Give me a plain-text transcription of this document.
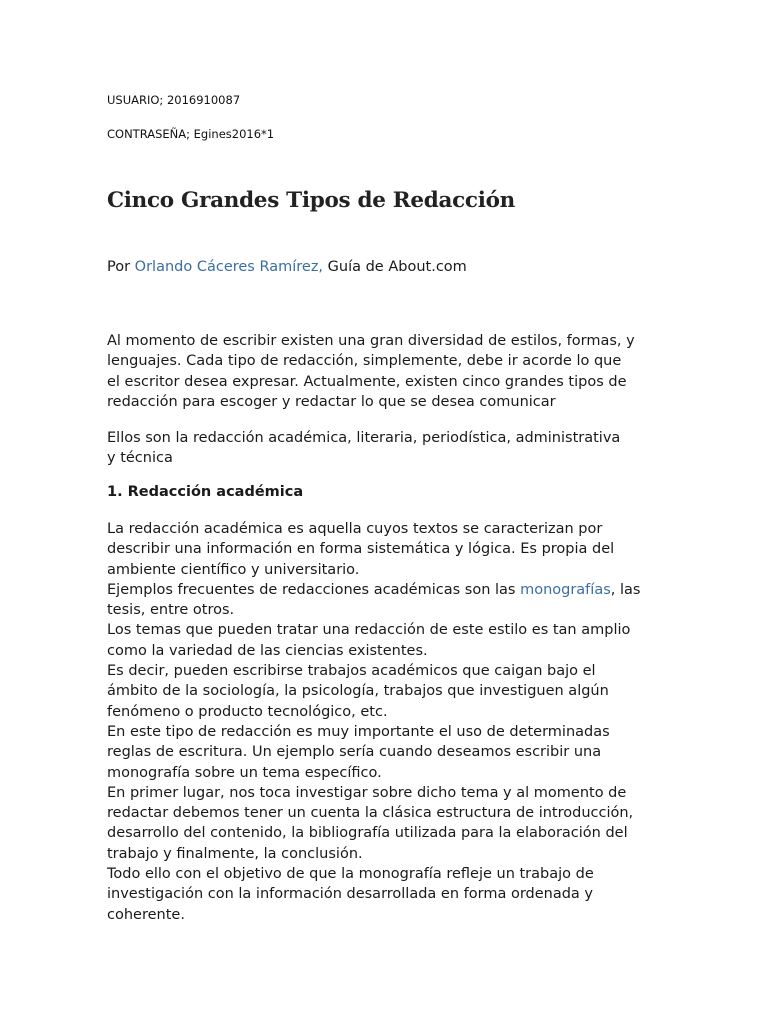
USUARIO; 2016910087
CONTRASEÑA; Egines2016*1
Cinco Grandes Tipos de Redacción
Por Orlando Cáceres Ramírez, Guía de About.com

Al momento de escribir existen una gran diversidad de estilos, formas, y
lenguajes. Cada tipo de redacción, simplemente, debe ir acorde lo que
el escritor desea expresar. Actualmente, existen cinco grandes tipos de
redacción para escoger y redactar lo que se desea comunicar

Ellos son la redacción académica, literaria, periodística, administrativa
y técnica

1. Redacción académica

La redacción académica es aquella cuyos textos se caracterizan por
describir una información en forma sistemática y lógica. Es propia del
ambiente científico y universitario.
Ejemplos frecuentes de redacciones académicas son las monografías, las
tesis, entre otros.
Los temas que pueden tratar una redacción de este estilo es tan amplio
como la variedad de las ciencias existentes.
Es decir, pueden escribirse trabajos académicos que caigan bajo el
ámbito de la sociología, la psicología, trabajos que investiguen algún
fenómeno o producto tecnológico, etc.
En este tipo de redacción es muy importante el uso de determinadas
reglas de escritura. Un ejemplo sería cuando deseamos escribir una
monografía sobre un tema específico.
En primer lugar, nos toca investigar sobre dicho tema y al momento de
redactar debemos tener un cuenta la clásica estructura de introducción,
desarrollo del contenido, la bibliografía utilizada para la elaboración del
trabajo y finalmente, la conclusión.
Todo ello con el objetivo de que la monografía refleje un trabajo de
investigación con la información desarrollada en forma ordenada y
coherente.
